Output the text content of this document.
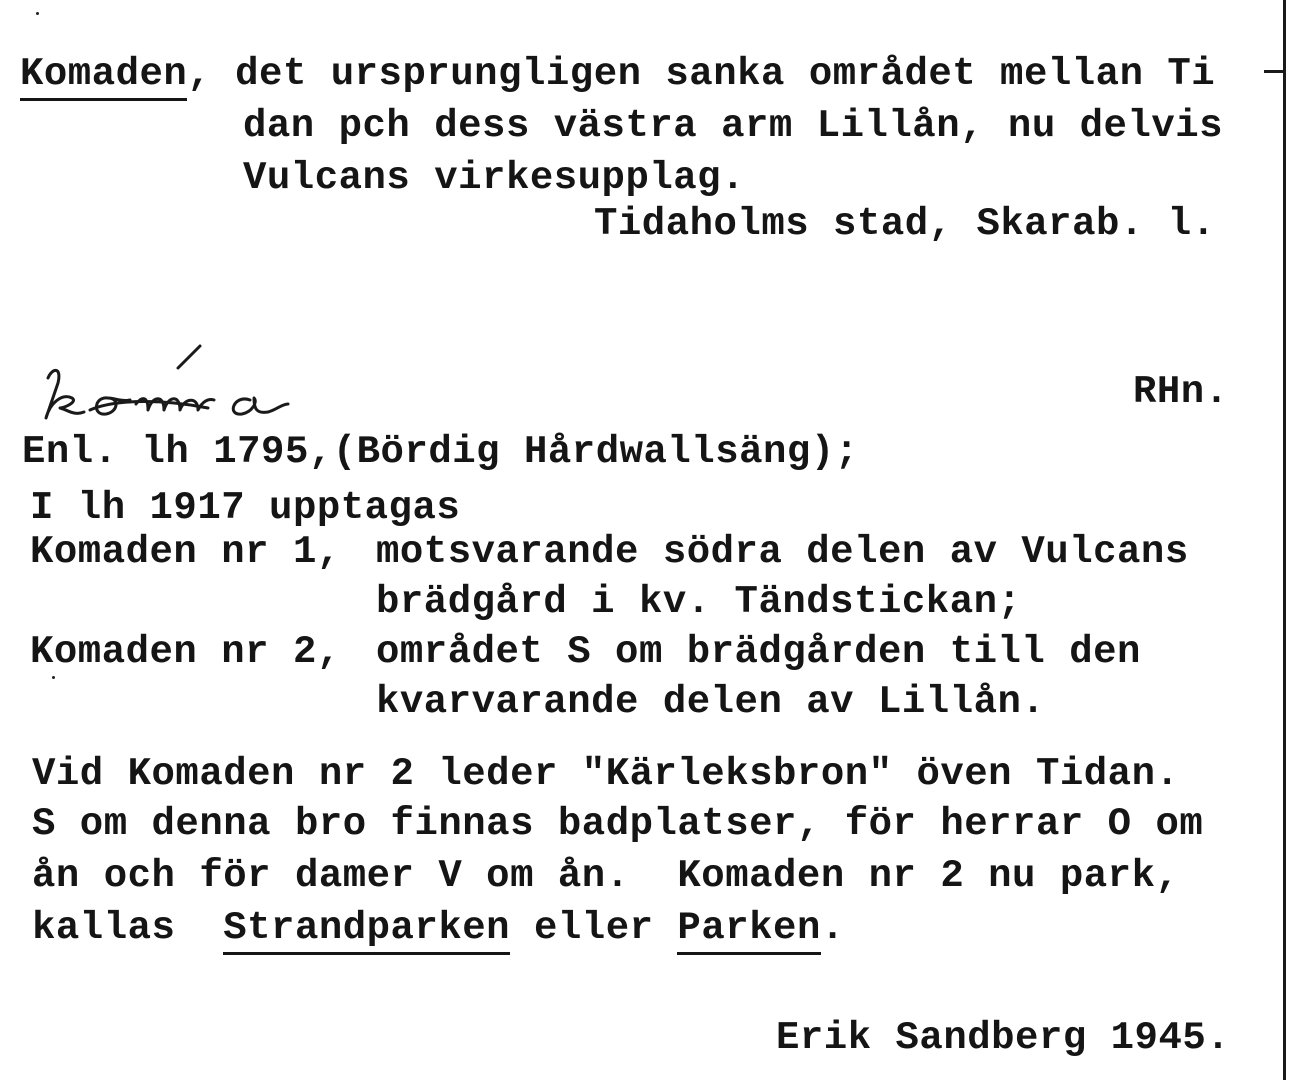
Komaden, det ursprungligen sanka området mellan Ti
dan pch dess västra arm Lillån, nu delvis
Vulcans virkesupplag.
Tidaholms stad, Skarab. l.
kóma
RHn.
Enl. lh 1795,(Bördig Hårdwallsäng);
I lh 1917 upptagas
Komaden nr 1, motsvarande södra delen av Vulcans
brädgård i kv. Tändstickan;
Komaden nr 2, området S om brädgården till den
kvarvarande delen av Lillån.
Vid Komaden nr 2 leder "Kärleksbron" öven Tidan.
S om denna bro finnas badplatser, för herrar O om
ån och för damer V om ån.  Komaden nr 2 nu park,
kallas  Strandparken eller Parken.
Erik Sandberg 1945.
